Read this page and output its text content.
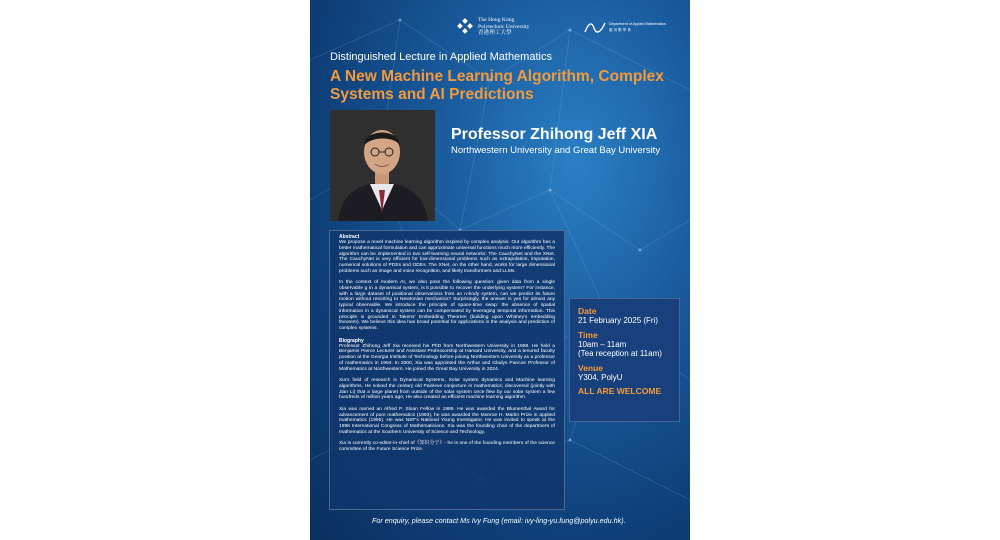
The Hong Kong
Polytechnic University
香港理工大學
Department of Applied Mathematics
應 用 數 學 系
Distinguished Lecture in Applied Mathematics
A New Machine Learning Algorithm, Complex Systems and AI Predictions
Professor Zhihong Jeff XIA
Northwestern University and Great Bay University
Abstract

We propose a novel machine learning algorithm inspired by complex analysis. Our algorithm has a better mathematical formulation and can approximate universal functions much more efficiently. The algorithm can be implemented in two self-learning neural networks: The CauchyNet and the XNet. The CauchyNet is very efficient for low-dimensional problems such as extrapolation, imputation, numerical solutions of PDEs and ODEs. The XNet, on the other hand, works for large dimensional problems such as image and voice recognition, and likely transformers and LLMs.

In the context of modern AI, we also pose the following question: given data from a single observable g in a dynamical system, is it possible to recover the underlying system? For instance, with a large dataset of positional observations from an n-body system, can we predict its future motion without resorting to Newtonian mechanics? Surprisingly, the answer is yes for almost any typical observable. We introduce the principle of space-time swap: the absence of spatial information in a dynamical system can be compensated by leveraging temporal information. This principle is grounded in Takens' Embedding Theorem (building upon Whitney's embedding theorem). We believe this idea has broad potential for applications in the analysis and prediction of complex systems.

Biography

Professor Zhihong Jeff Xia received his PhD from Northwestern University in 1988. He held a Benjamin Pierce Lecturer and Assistant Professorship at Harvard University, and a tenured faculty position at the Georgia Institute of Technology before joining Northwestern University as a professor of mathematics in 1994. In 2000, Xia was appointed the Arthur and Gladys Pancoe Professor of Mathematics at Northwestern. He joined the Great Bay University in 2024.

Xia's field of research is Dynamical Systems, Solar system dynamics and Machine learning algorithms. He solved the century old Painleve conjecture in mathematics; discovered (jointly with Jian Li) that a large planet from outside of the solar system once flew by our solar system a few hundreds of million years ago; He also created an efficient machine learning algorithm.

Xia was named an Alfred P. Sloan Fellow in 1989. He was awarded the Blumenthal Award for advancement of pure mathematics (1993), he was awarded the Monroe H. Martin Prize in applied mathematics (1995). He was NSF's National Young Investigator. He was invited to speak at the 1998 International Congress of Mathematicians. Xia was the founding chair of the department of mathematics at the Southern University of Science and Technology.

Xia is currently co-editor-in-chief of《知识分子》- he is one of the founding members of the science committee of the Future Science Prize.

Date
21 February 2025 (Fri)
Time
10am – 11am
(Tea reception at 11am)
Venue
Y304, PolyU
ALL ARE WELCOME
For enquiry, please contact Ms Ivy Fung (email: ivy-ling-yu.fung@polyu.edu.hk).
